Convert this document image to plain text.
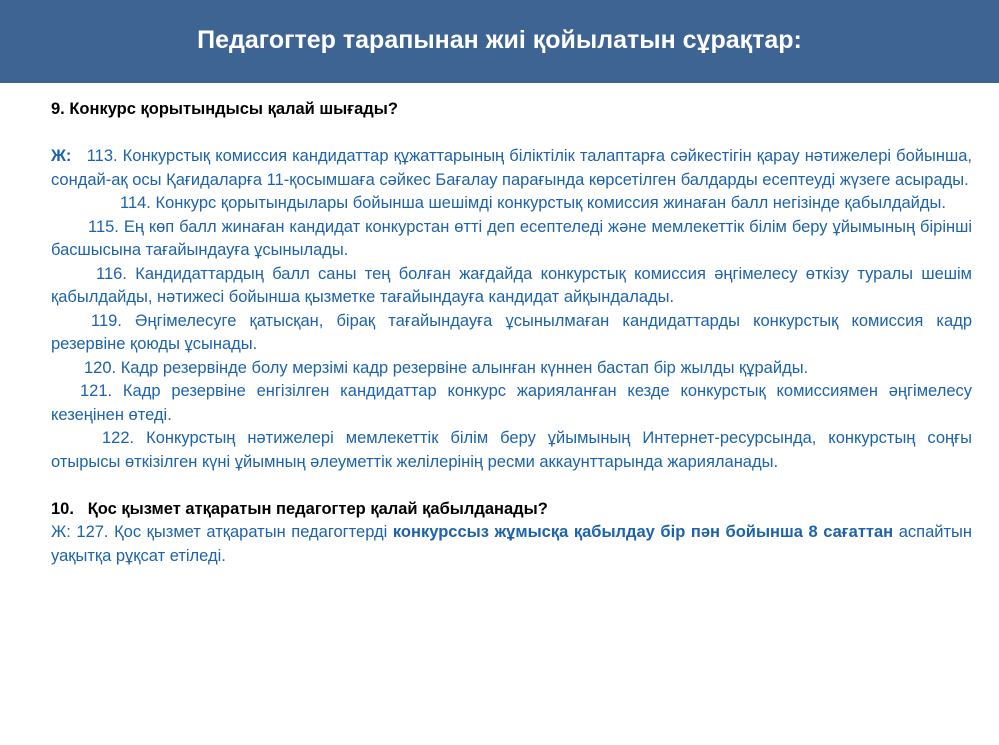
Педагогтер тарапынан жиі қойылатын сұрақтар:

9. Конкурс қорытындысы қалай шығады?

Ж: 113. Конкурстық комиссия кандидаттар құжаттарының біліктілік талаптарға сәйкестігін қарау нәтижелері бойынша, сондай-ақ осы Қағидаларға 11-қосымшаға сәйкес Бағалау парағында көрсетілген балдарды есептеуді жүзеге асырады.

114. Конкурс қорытындылары бойынша шешімді конкурстық комиссия жинаған балл негізінде қабылдайды.

115. Ең көп балл жинаған кандидат конкурстан өтті деп есептеледі және мемлекеттік білім беру ұйымының бірінші басшысына тағайындауға ұсынылады.

116. Кандидаттардың балл саны тең болған жағдайда конкурстық комиссия әңгімелесу өткізу туралы шешім қабылдайды, нәтижесі бойынша қызметке тағайындауға кандидат айқындалады.

119. Әңгімелесуге қатысқан, бірақ тағайындауға ұсынылмаған кандидаттарды конкурстық комиссия кадр резервіне қоюды ұсынады.

120. Кадр резервінде болу мерзімі кадр резервіне алынған күннен бастап бір жылды құрайды.

121. Кадр резервіне енгізілген кандидаттар конкурс жарияланған кезде конкурстық комиссиямен әңгімелесу кезеңінен өтеді.

122. Конкурстың нәтижелері мемлекеттік білім беру ұйымының Интернет-ресурсында, конкурстың соңғы отырысы өткізілген күні ұйымның әлеуметтік желілерінің ресми аккаунттарында жарияланады.

10.   Қос қызмет атқаратын педагогтер қалай қабылданады?

Ж: 127. Қос қызмет атқаратын педагогтерді конкурссыз жұмысқа қабылдау бір пән бойынша 8 сағаттан аспайтын уақытқа рұқсат етіледі.
